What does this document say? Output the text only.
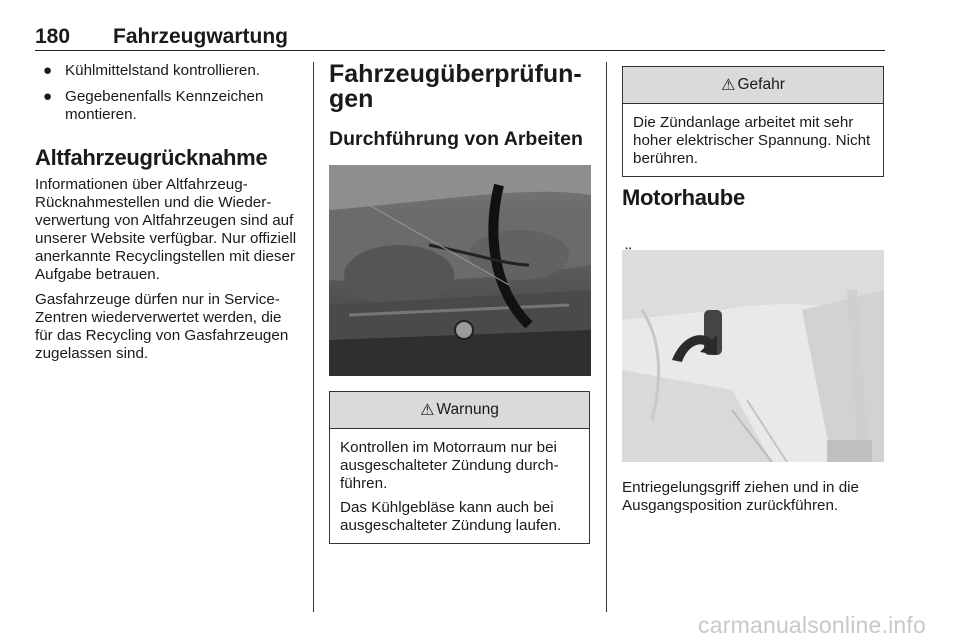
180 Fahrzeugwartung
● Kühlmittelstand kontrollieren.
● Gegebenenfalls Kennzeichen montieren.
Altfahrzeugrücknahme

Informationen über Altfahrzeug-Rücknahmestellen und die Wieder-verwertung von Altfahrzeugen sind auf unserer Website verfügbar. Nur offiziell anerkannte Recyclingstellen mit dieser Aufgabe betrauen.

Gasfahrzeuge dürfen nur in Service-Zentren wiederverwertet werden, die für das Recycling von Gasfahrzeugen zugelassen sind.

Fahrzeugüberprüfun-
gen
Durchführung von Arbeiten
⚠ Warnung

Kontrollen im Motorraum nur bei ausgeschalteter Zündung durch-führen.

Das Kühlgebläse kann auch bei ausgeschalteter Zündung laufen.

⚠ Gefahr

Die Zündanlage arbeitet mit sehr hoher elektrischer Spannung. Nicht berühren.

Motorhaube

Entriegelungsgriff ziehen und in die Ausgangsposition zurückführen.

carmanualsonline.info
